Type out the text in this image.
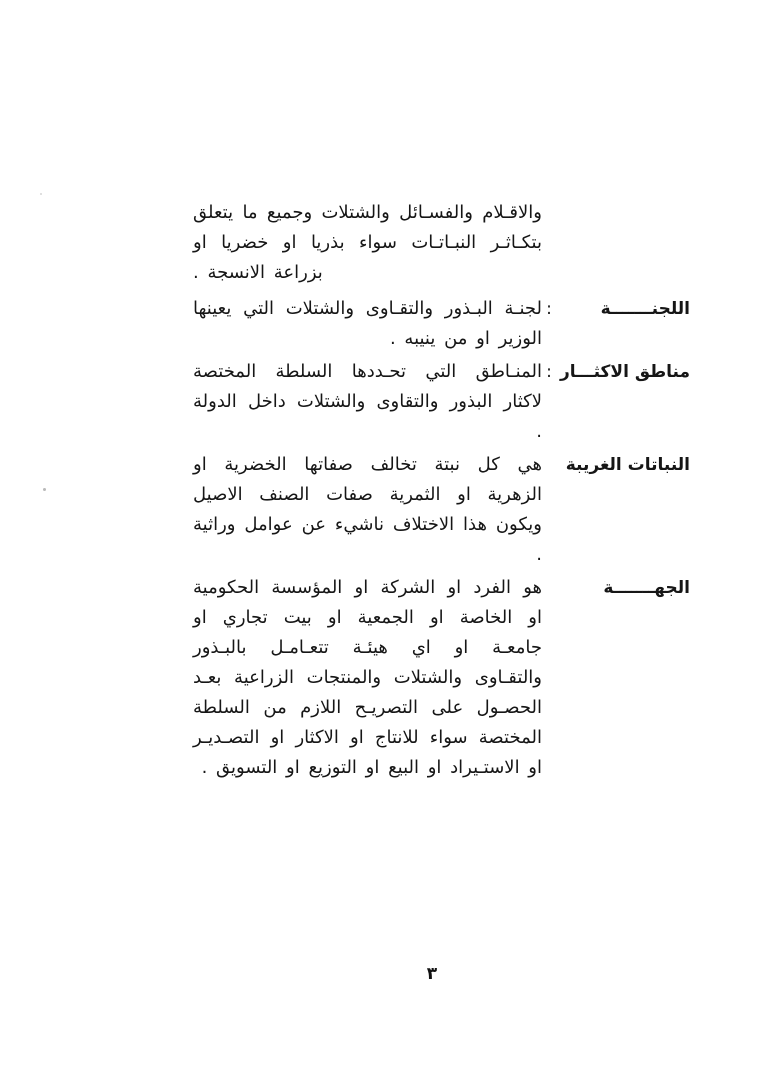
والاقـلام والفسـائل والشتلات وجميع ما يتعلق بتكـاثـر النبـاتـات سواء بذريا او خضريا او بزراعة الانسجة .

اللجنـــــــة
:

لجنـة البـذور والتقـاوى والشتلات التي يعينها الوزير او من ينيبه .

مناطق الاكثـــار
:

المنـاطق التي تحـددها السلطة المختصة لاكثار البذور والتقاوى والشتلات داخل الدولة .

النباتات الغريبة

هي كل نبتة تخالف صفاتها الخضرية او الزهرية او الثمرية صفات الصنف الاصيل ويكون هذا الاختلاف ناشيء عن عوامل وراثية .

الجهـــــــة

هو الفرد او الشركة او المؤسسة الحكومية او الخاصة او الجمعية او بيت تجاري او جامعـة او اي هيئـة تتعـامـل بالبـذور والتقـاوى والشتلات والمنتجات الزراعية بعـد الحصـول على التصريـح اللازم من السلطة المختصة سواء للانتاج او الاكثار او التصـديـر او الاستـيراد او البيع او التوزيع او التسويق .

٣
